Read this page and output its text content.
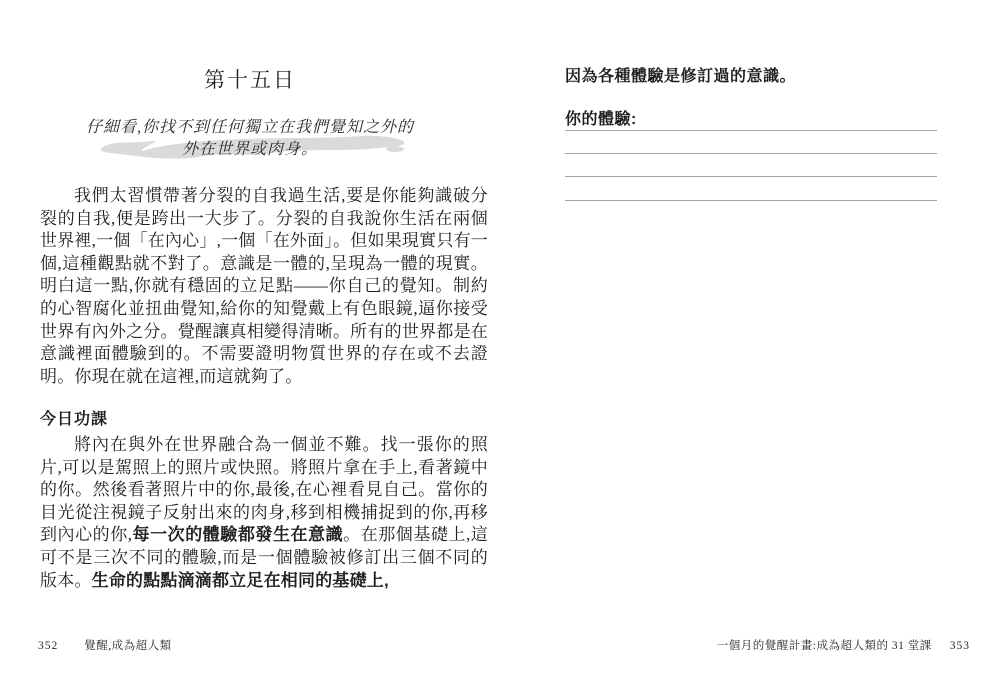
第十五日
仔細看,你找不到任何獨立在我們覺知之外的
外在世界或肉身。

我們太習慣帶著分裂的自我過生活,要是你能夠識破分裂的自我,便是跨出一大步了。分裂的自我說你生活在兩個世界裡,一個「在內心」,一個「在外面」。但如果現實只有一個,這種觀點就不對了。意識是一體的,呈現為一體的現實。明白這一點,你就有穩固的立足點——你自己的覺知。制約的心智腐化並扭曲覺知,給你的知覺戴上有色眼鏡,逼你接受世界有內外之分。覺醒讓真相變得清晰。所有的世界都是在意識裡面體驗到的。不需要證明物質世界的存在或不去證明。你現在就在這裡,而這就夠了。

今日功課

將內在與外在世界融合為一個並不難。找一張你的照片,可以是駕照上的照片或快照。將照片拿在手上,看著鏡中的你。然後看著照片中的你,最後,在心裡看見自己。當你的目光從注視鏡子反射出來的肉身,移到相機捕捉到的你,再移到內心的你,每一次的體驗都發生在意識。在那個基礎上,這可不是三次不同的體驗,而是一個體驗被修訂出三個不同的版本。生命的點點滴滴都立足在相同的基礎上,

352 覺醒,成為超人類

因為各種體驗是修訂過的意識。

你的體驗:

一個月的覺醒計畫:成為超人類的 31 堂課 353
